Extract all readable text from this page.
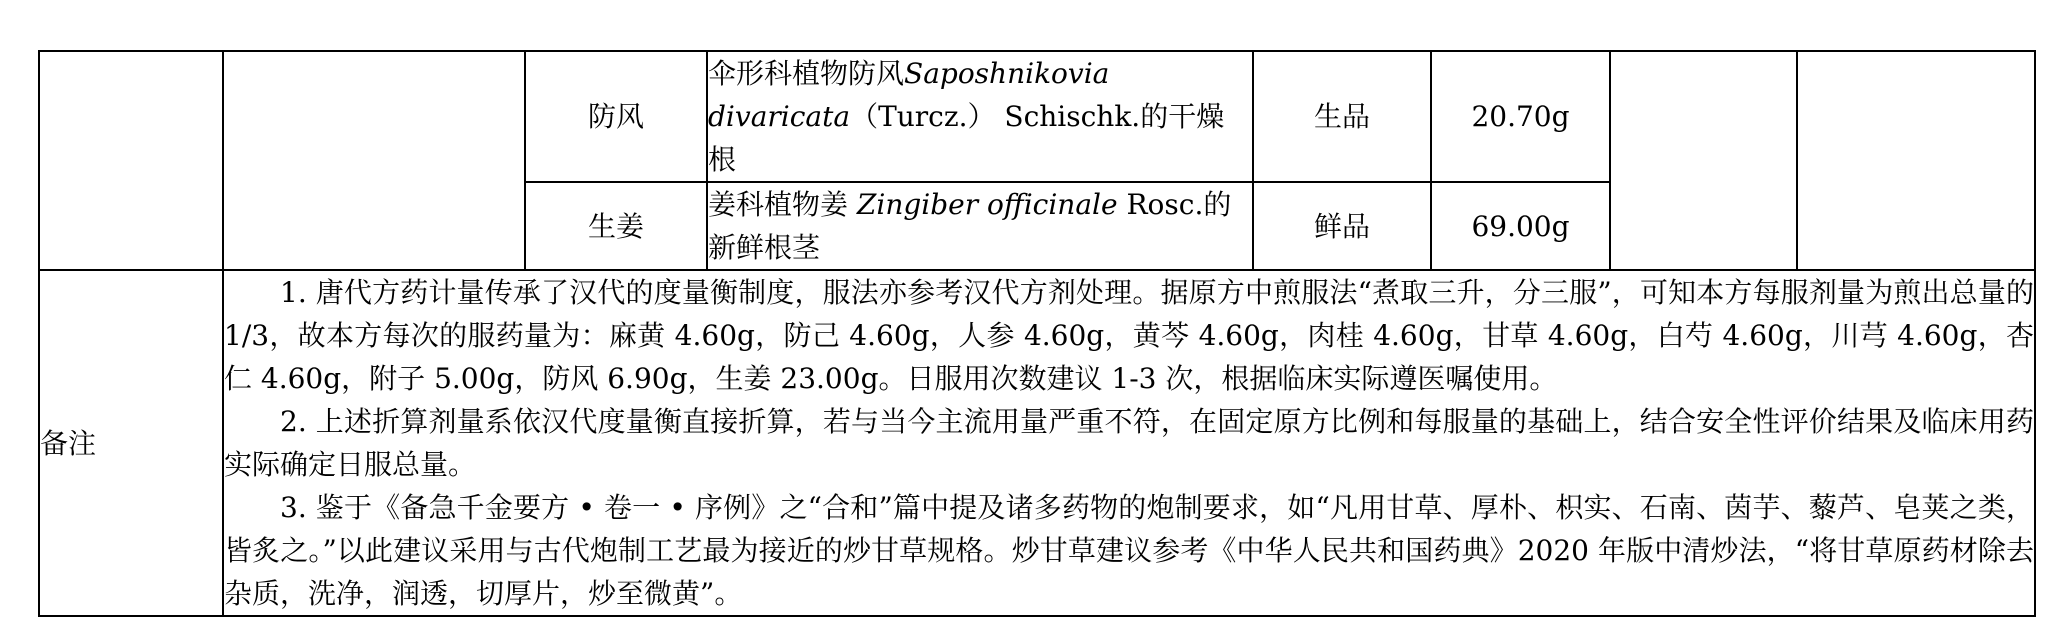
		防风	伞形科植物防风Saposhnikovia divaricata（Turcz.） Schischk.的干燥根	生品	20.70g		
		生姜	姜科植物姜 Zingiber officinale Rosc.的新鲜根茎	鲜品	69.00g		
备注	1. 唐代方药计量传承了汉代的度量衡制度，服法亦参考汉代方剂处理。据原方中煎服法“煮取三升，分三服”，可知本方每服剂量为煎出总量的 1/3，故本方每次的服药量为：麻黄 4.60g，防己 4.60g，人参 4.60g，黄芩 4.60g，肉桂 4.60g，甘草 4.60g，白芍 4.60g，川芎 4.60g，杏仁 4.60g，附子 5.00g，防风 6.90g，生姜 23.00g。日服用次数建议 1-3 次，根据临床实际遵医嘱使用。

2. 上述折算剂量系依汉代度量衡直接折算，若与当今主流用量严重不符，在固定原方比例和每服量的基础上，结合安全性评价结果及临床用药实际确定日服总量。

3. 鉴于《备急千金要方 • 卷一 • 序例》之“合和”篇中提及诸多药物的炮制要求，如“凡用甘草、厚朴、枳实、石南、茵芋、藜芦、皂荚之类，皆炙之。”以此建议采用与古代炮制工艺最为接近的炒甘草规格。炒甘草建议参考《中华人民共和国药典》2020 年版中清炒法，“将甘草原药材除去杂质，洗净，润透，切厚片，炒至微黄”。						
